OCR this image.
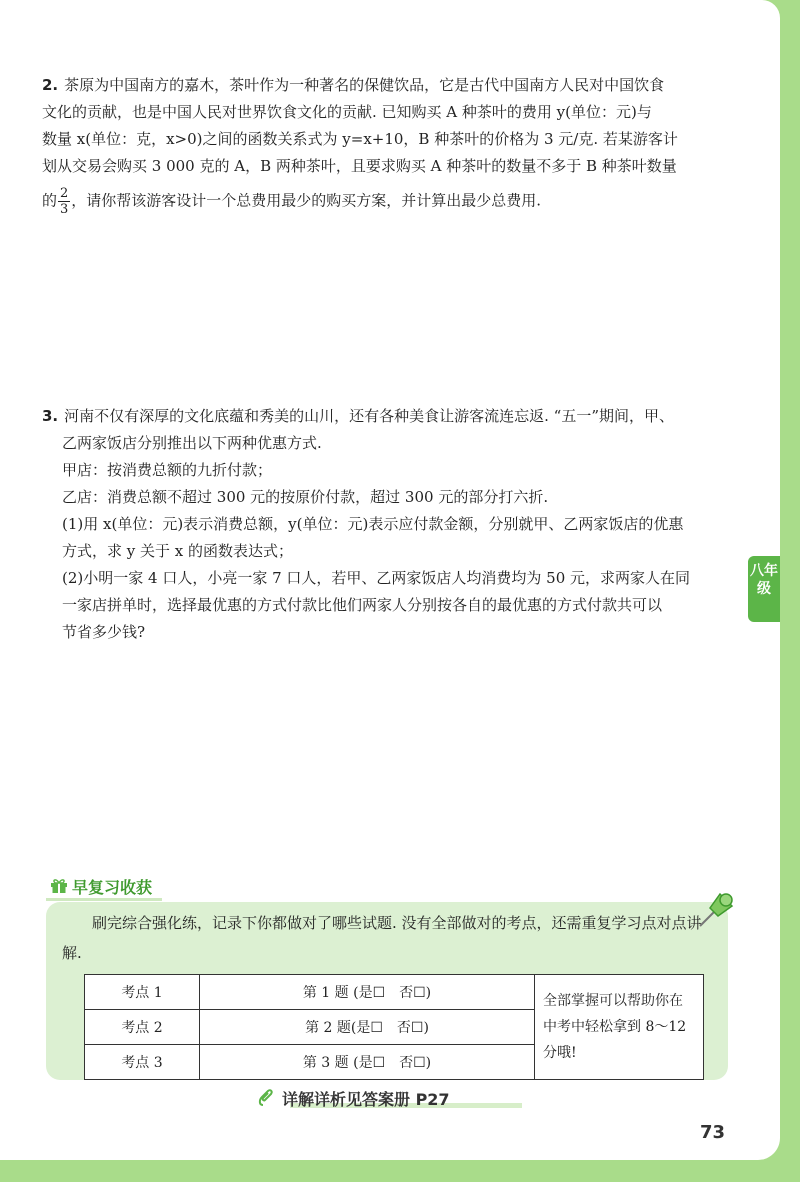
2. 茶原为中国南方的嘉木，茶叶作为一种著名的保健饮品，它是古代中国南方人民对中国饮食
文化的贡献，也是中国人民对世界饮食文化的贡献. 已知购买 A 种茶叶的费用 y(单位：元)与
数量 x(单位：克，x>0)之间的函数关系式为 y=x+10，B 种茶叶的价格为 3 元/克. 若某游客计
划从交易会购买 3 000 克的 A，B 两种茶叶，且要求购买 A 种茶叶的数量不多于 B 种茶叶数量
的 $\frac{2}{3}$ ，请你帮该游客设计一个总费用最少的购买方案，并计算出最少总费用.
3. 河南不仅有深厚的文化底蕴和秀美的山川，还有各种美食让游客流连忘返. “五一”期间，甲、
乙两家饭店分别推出以下两种优惠方式.
甲店：按消费总额的九折付款；
乙店：消费总额不超过 300 元的按原价付款，超过 300 元的部分打六折.
(1)用 x(单位：元)表示消费总额，y(单位：元)表示应付款金额，分别就甲、乙两家饭店的优惠
方式，求 y 关于 x 的函数表达式；
(2)小明一家 4 口人，小亮一家 7 口人，若甲、乙两家饭店人均消费均为 50 元，求两家人在同
一家店拼单时，选择最优惠的方式付款比他们两家人分别按各自的最优惠的方式付款共可以
节省多少钱?
早复习收获
刷完综合强化练，记录下你都做对了哪些试题. 没有全部做对的考点，还需重复学习点对点讲解.
考点 1	第 1 题 (是☐　否☐)	全部掌握可以帮助你在中考中轻松拿到 8～12 分哦!
考点 2	第 2 题(是☐　否☐)	
考点 3	第 3 题 (是☐　否☐)	
详解详析见答案册 P27
73
八年
级
